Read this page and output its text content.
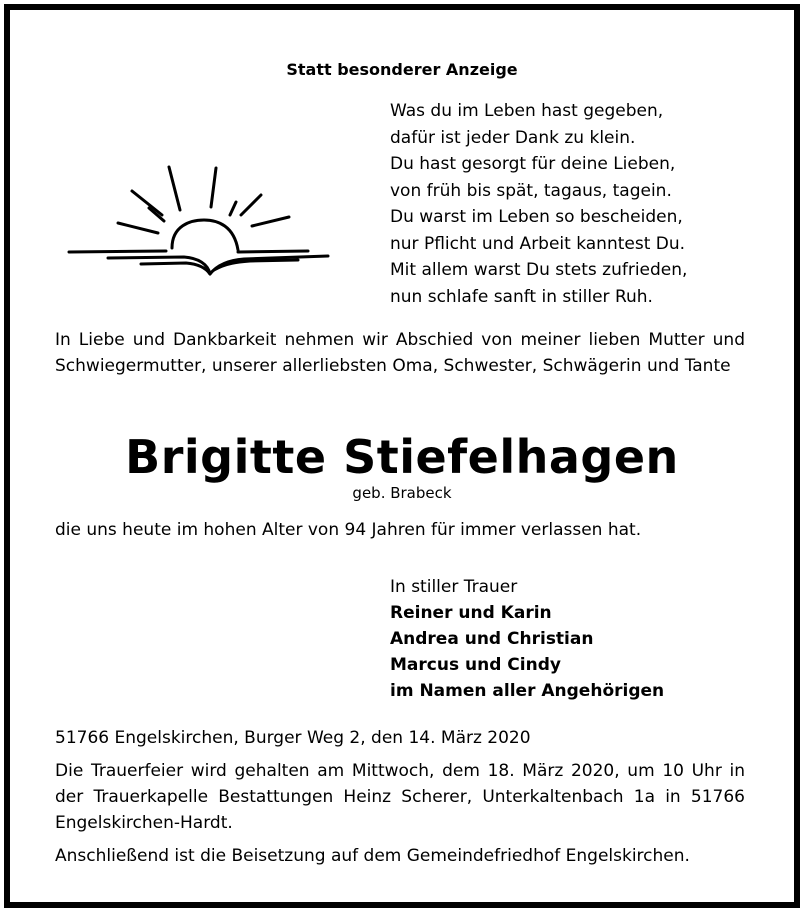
Statt besonderer Anzeige
Was du im Leben hast gegeben,
dafür ist jeder Dank zu klein.
Du hast gesorgt für deine Lieben,
von früh bis spät, tagaus, tagein.
Du warst im Leben so bescheiden,
nur Pflicht und Arbeit kanntest Du.
Mit allem warst Du stets zufrieden,
nun schlafe sanft in stiller Ruh.
In Liebe und Dankbarkeit nehmen wir Abschied von meiner lieben Mutter und Schwiegermutter, unserer allerliebsten Oma, Schwester, Schwägerin und Tante
Brigitte Stiefelhagen
geb. Brabeck
die uns heute im hohen Alter von 94 Jahren für immer verlassen hat.
In stiller Trauer
Reiner und Karin
Andrea und Christian
Marcus und Cindy
im Namen aller Angehörigen
51766 Engelskirchen, Burger Weg 2, den 14. März 2020
Die Trauerfeier wird gehalten am Mittwoch, dem 18. März 2020, um 10 Uhr in der Trauerkapelle Bestattungen Heinz Scherer, Unterkaltenbach 1a in 51766 Engelskirchen-Hardt.
Anschließend ist die Beisetzung auf dem Gemeindefriedhof Engelskirchen.
